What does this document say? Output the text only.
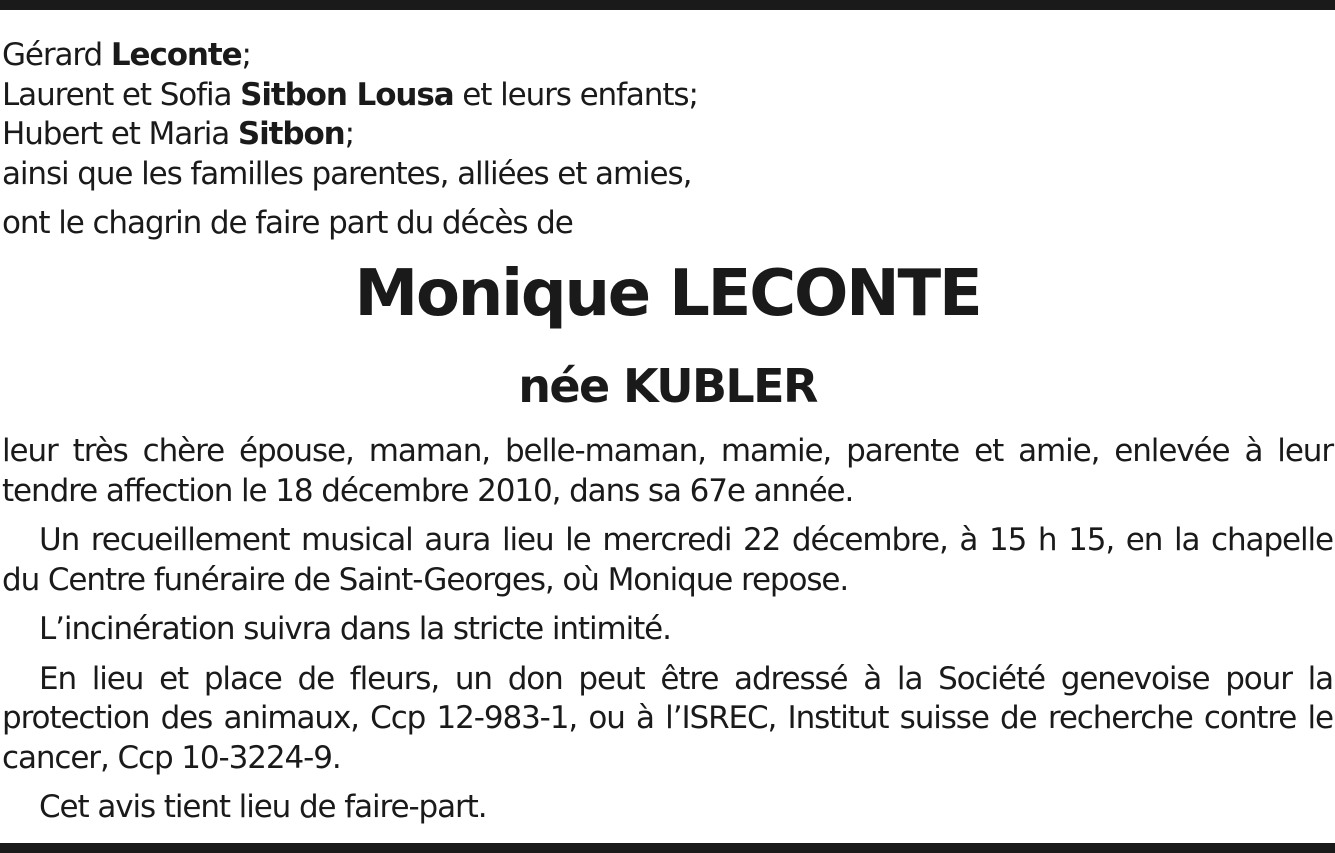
Gérard Leconte;
Laurent et Sofia Sitbon Lousa et leurs enfants;
Hubert et Maria Sitbon;
ainsi que les familles parentes, alliées et amies,

ont le chagrin de faire part du décès de

Monique LECONTE
née KUBLER

leur très chère épouse, maman, belle-maman, mamie, parente et amie, enlevée à leur tendre affection le 18 décembre 2010, dans sa 67e année.

Un recueillement musical aura lieu le mercredi 22 décembre, à 15 h 15, en la chapelle du Centre funéraire de Saint-Georges, où Monique repose.

L’incinération suivra dans la stricte intimité.

En lieu et place de fleurs, un don peut être adressé à la Société genevoise pour la protection des animaux, Ccp 12-983-1, ou à l’ISREC, Institut suisse de recherche contre le cancer, Ccp 10-3224-9.

Cet avis tient lieu de faire-part.
